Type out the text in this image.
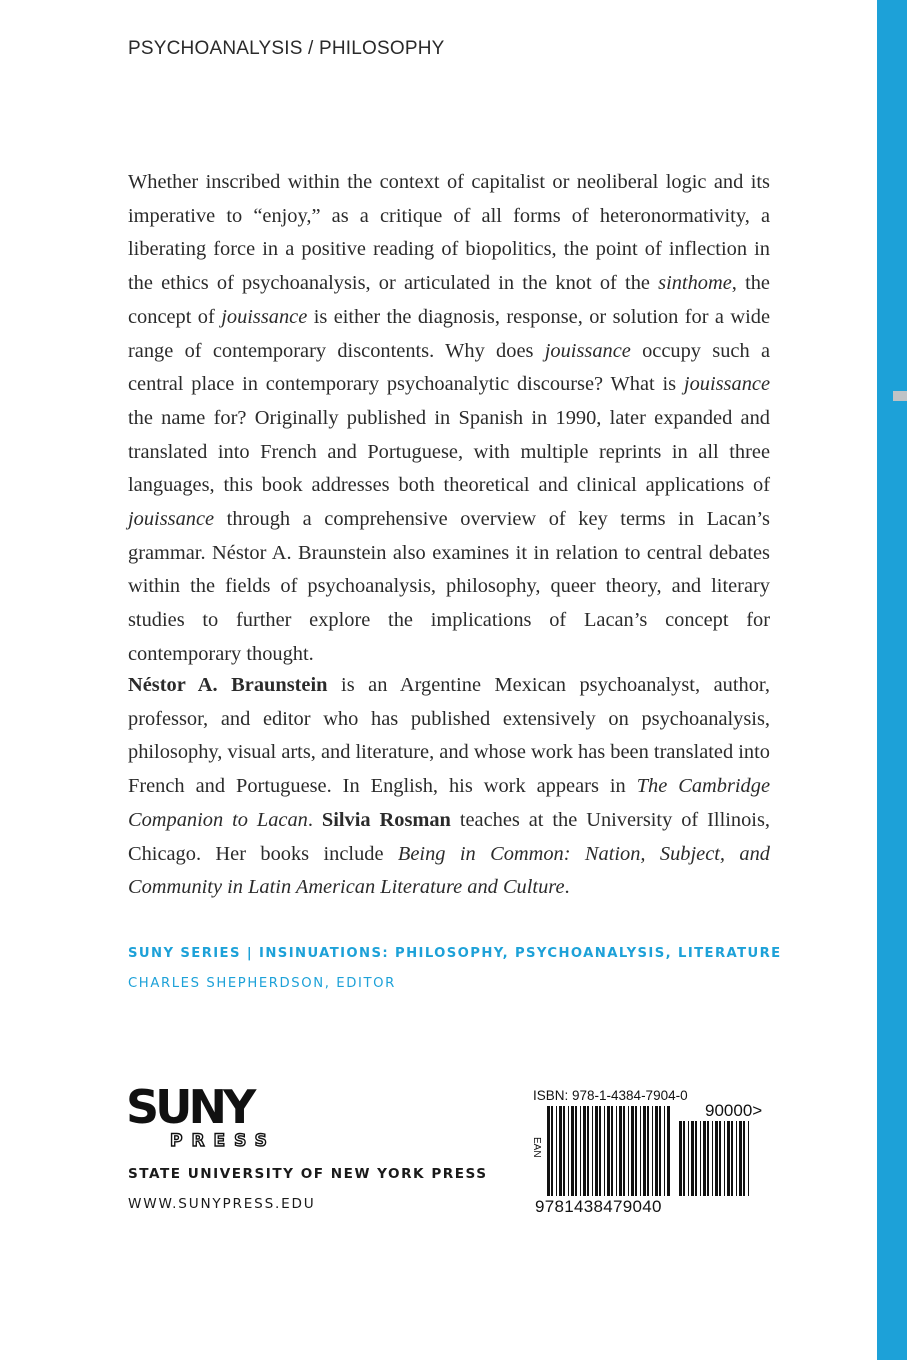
PSYCHOANALYSIS / PHILOSOPHY

Whether inscribed within the context of capitalist or neoliberal logic and its imperative to “enjoy,” as a critique of all forms of heteronormativity, a liberating force in a positive reading of biopolitics, the point of inflection in the ethics of psychoanalysis, or articulated in the knot of the sinthome, the concept of jouissance is either the diagnosis, response, or solution for a wide range of contemporary discontents. Why does jouissance occupy such a central place in contemporary psychoanalytic discourse? What is jouissance the name for? Originally published in Spanish in 1990, later expanded and translated into French and Portuguese, with multiple reprints in all three languages, this book addresses both theoretical and clinical applications of jouissance through a comprehensive overview of key terms in Lacan’s grammar. Néstor A. Braunstein also examines it in relation to central debates within the fields of psychoanalysis, philosophy, queer theory, and literary studies to further explore the implications of Lacan’s concept for contemporary thought.

Néstor A. Braunstein is an Argentine Mexican psychoanalyst, author, professor, and editor who has published extensively on psychoanalysis, philosophy, visual arts, and literature, and whose work has been translated into French and Portuguese. In English, his work appears in The Cambridge Companion to Lacan. Silvia Rosman teaches at the University of Illinois, Chicago. Her books include Being in Common: Nation, Subject, and Community in Latin American Literature and Culture.

SUNY SERIES | INSINUATIONS: PHILOSOPHY, PSYCHOANALYSIS, LITERATURE
CHARLES SHEPHERDSON, EDITOR
SUNY
PRESS
STATE UNIVERSITY OF NEW YORK PRESS
WWW.SUNYPRESS.EDU
ISBN: 978-1-4384-7904-0
EAN
90000>
9781438479040
